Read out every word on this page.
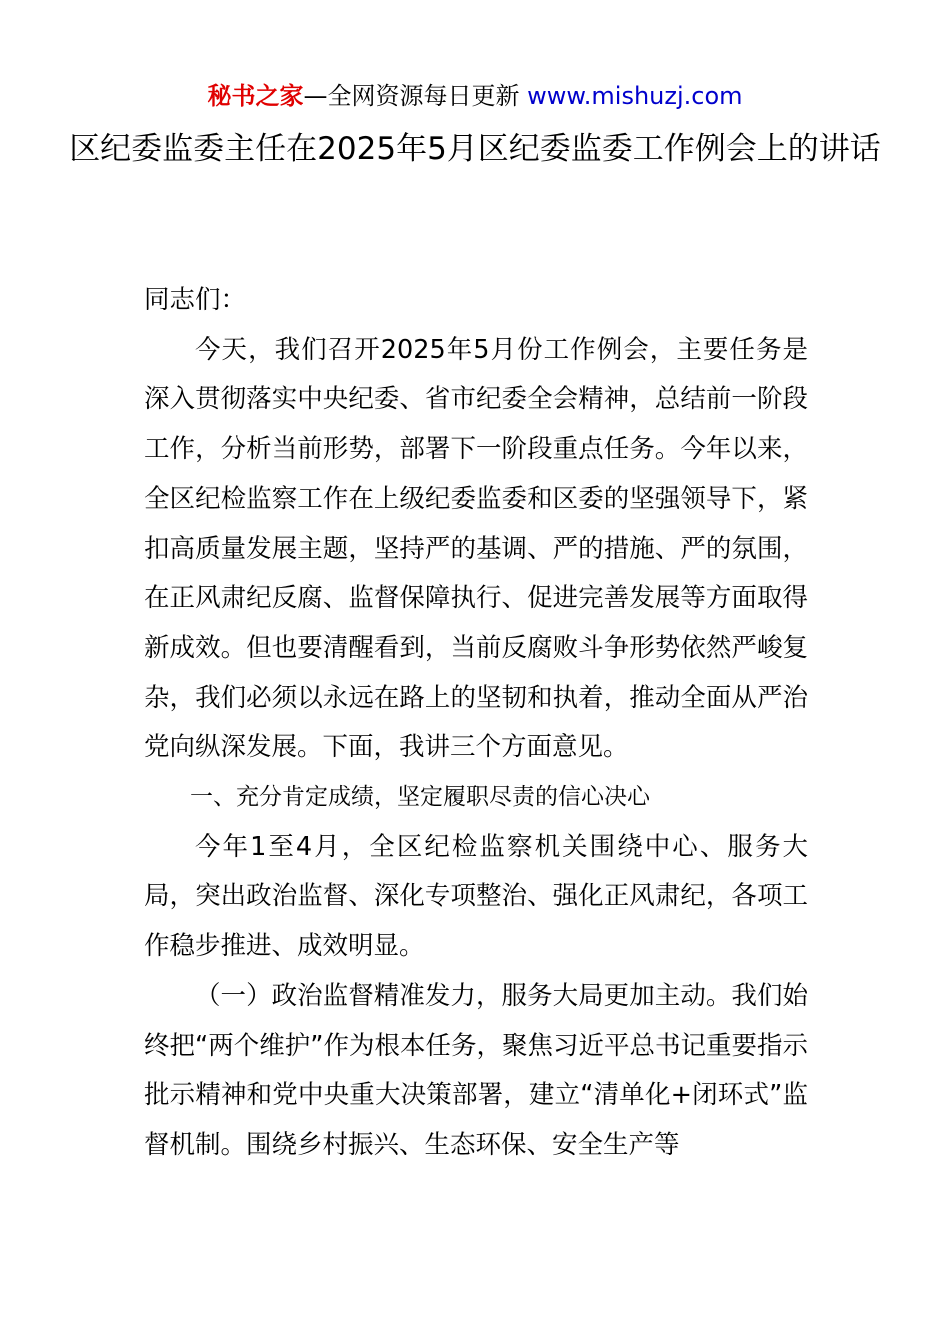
秘书之家—全网资源每日更新 www.mishuzj.com
区纪委监委主任在2025年5月区纪委监委工作例会上的讲话

同志们：

今天，我们召开2025年5月份工作例会，主要任务是深入贯彻落实中央纪委、省市纪委全会精神，总结前一阶段工作，分析当前形势，部署下一阶段重点任务。今年以来，全区纪检监察工作在上级纪委监委和区委的坚强领导下，紧扣高质量发展主题，坚持严的基调、严的措施、严的氛围，在正风肃纪反腐、监督保障执行、促进完善发展等方面取得新成效。但也要清醒看到，当前反腐败斗争形势依然严峻复杂，我们必须以永远在路上的坚韧和执着，推动全面从严治党向纵深发展。下面，我讲三个方面意见。

一、充分肯定成绩，坚定履职尽责的信心决心

今年1至4月，全区纪检监察机关围绕中心、服务大局，突出政治监督、深化专项整治、强化正风肃纪，各项工作稳步推进、成效明显。

（一）政治监督精准发力，服务大局更加主动。我们始终把“两个维护”作为根本任务，聚焦习近平总书记重要指示批示精神和党中央重大决策部署，建立“清单化+闭环式”监督机制。围绕乡村振兴、生态环保、安全生产等
